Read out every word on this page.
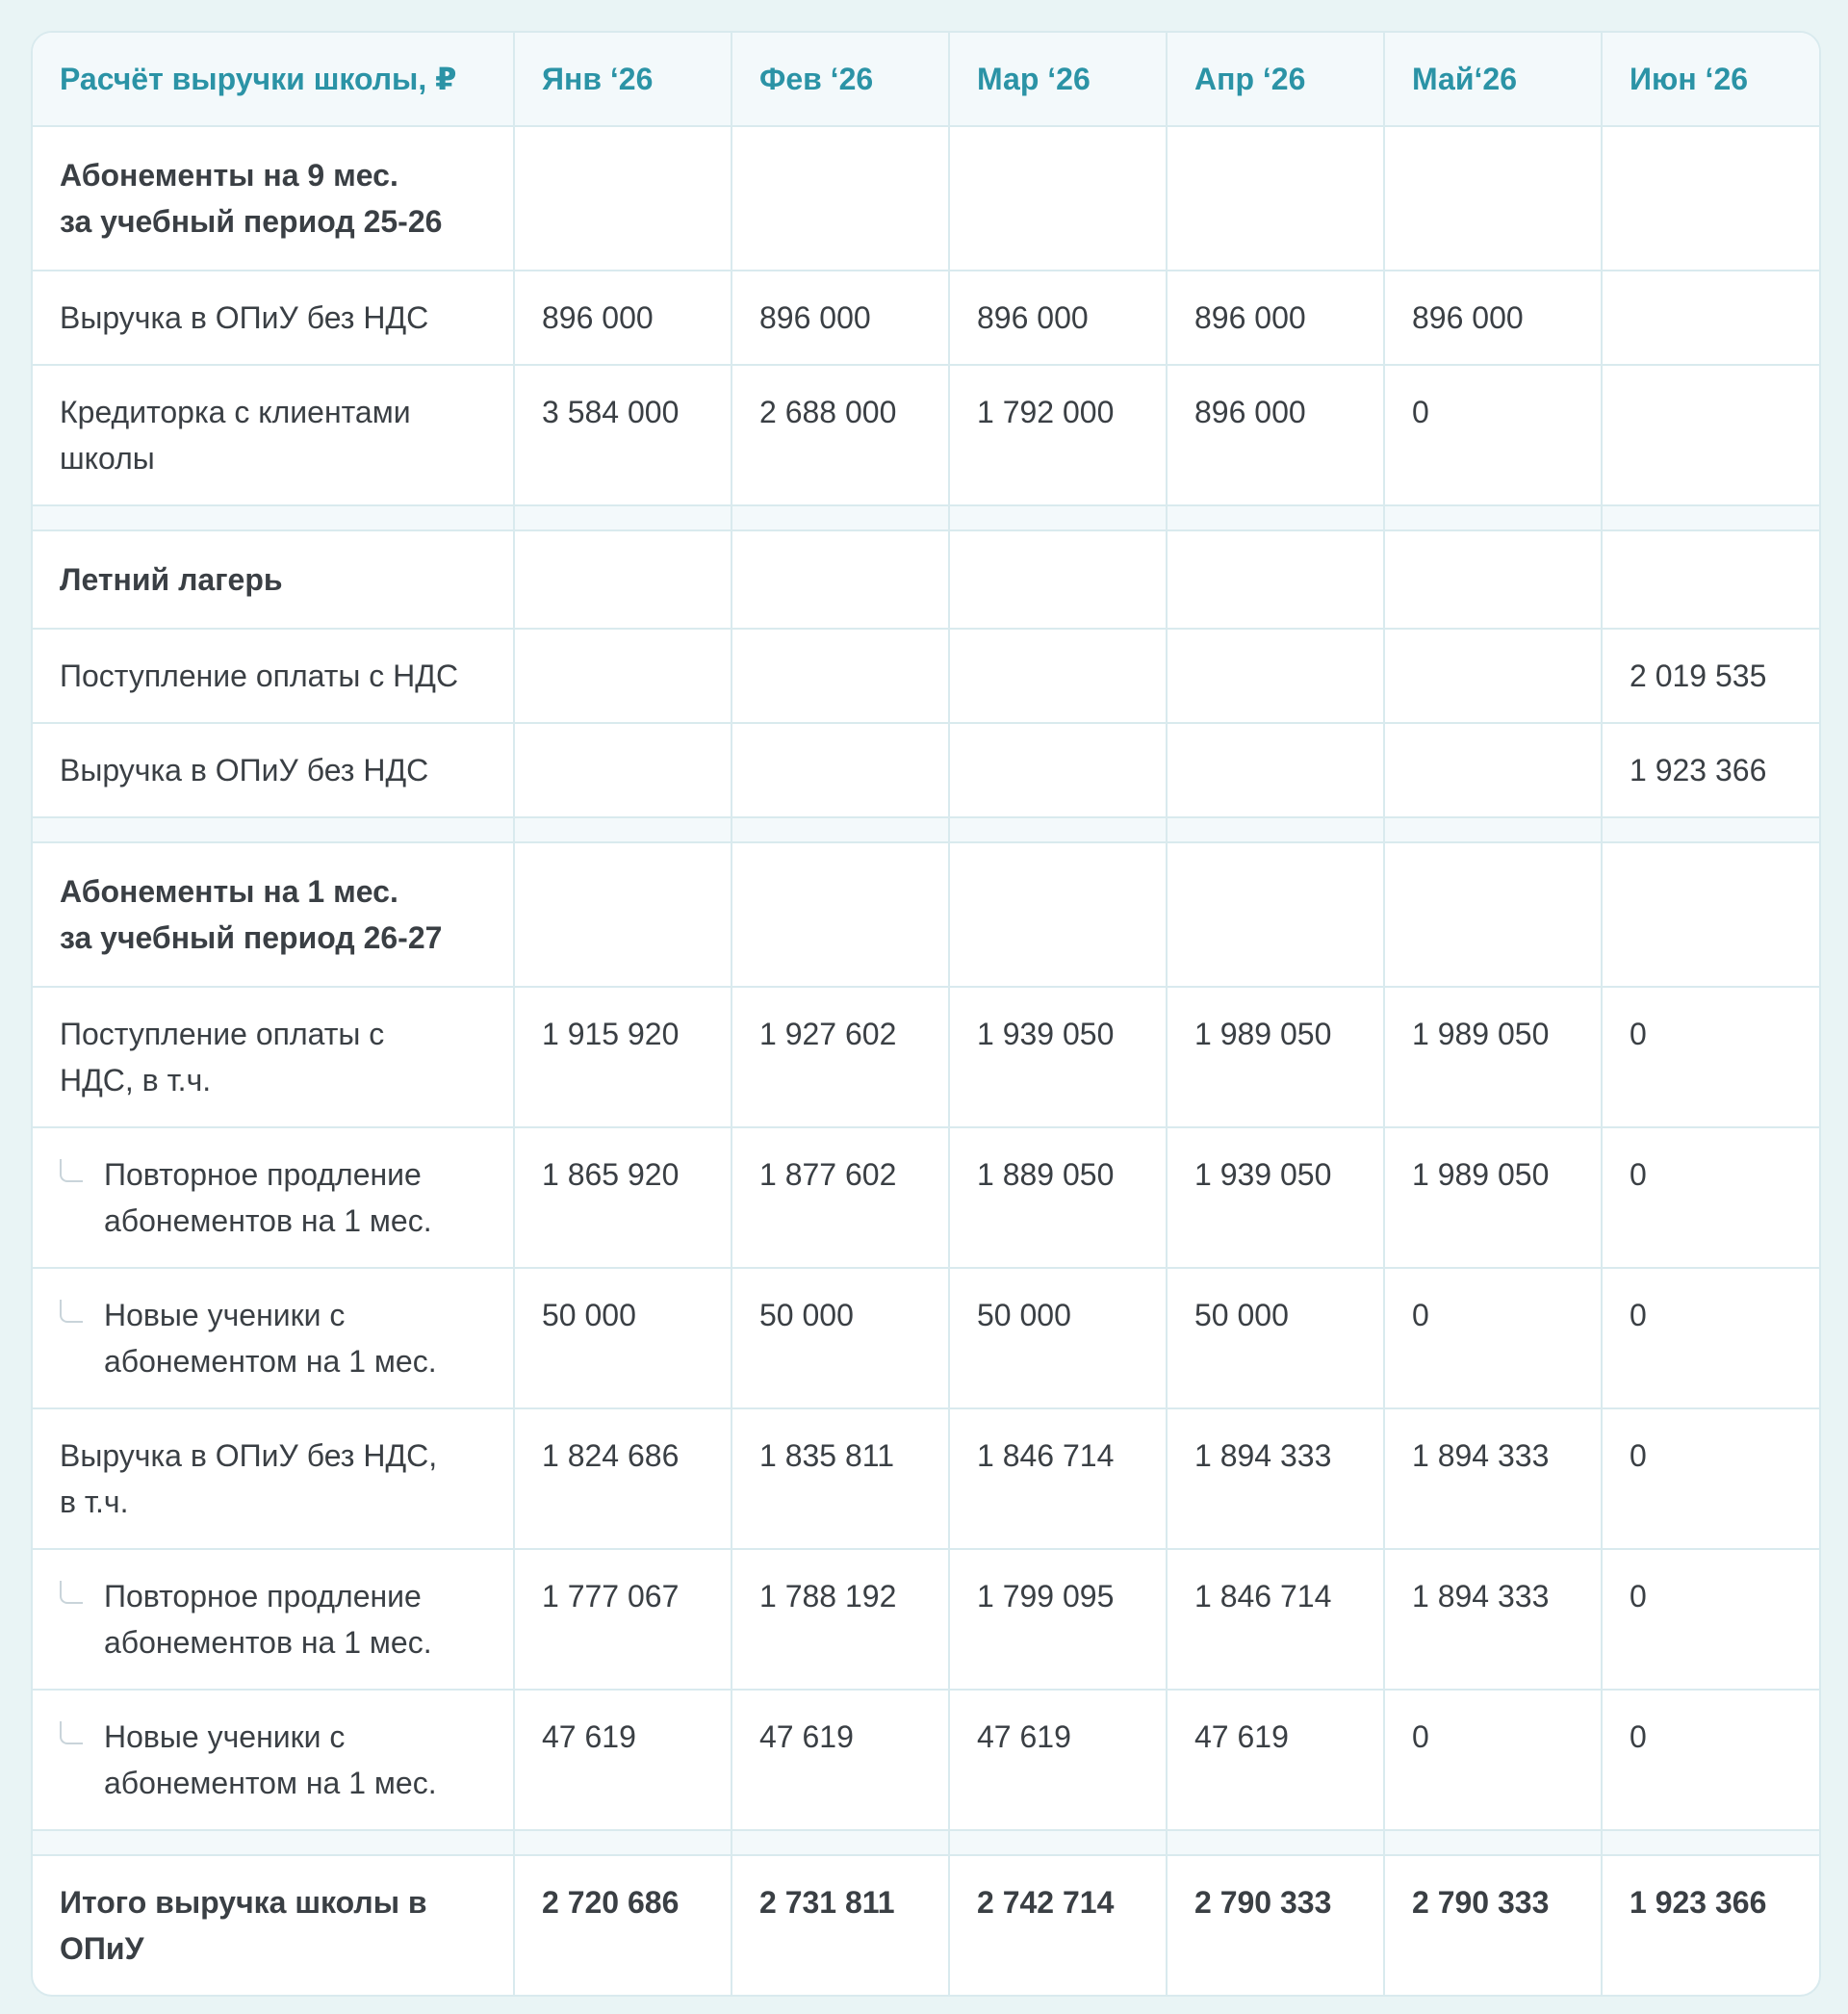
Расчёт выручки школы, ₽	Янв ‘26	Фев ‘26	Мар ‘26	Апр ‘26	Май‘26	Июн ‘26

Абонементы на 9 мес.
за учебный период 25-26						

Выручка в ОПиУ без НДС	896 000	896 000	896 000	896 000	896 000	

Кредиторка с клиентами
школы	3 584 000	2 688 000	1 792 000	896 000	0	

Летний лагерь						

Поступление оплаты с НДС						2 019 535

Выручка в ОПиУ без НДС						1 923 366

Абонементы на 1 мес.
за учебный период 26-27						

Поступление оплаты с
НДС, в т.ч.	1 915 920	1 927 602	1 939 050	1 989 050	1 989 050	0

Повторное продление
абонементов на 1 мес.	1 865 920	1 877 602	1 889 050	1 939 050	1 989 050	0

Новые ученики с
абонементом на 1 мес.	50 000	50 000	50 000	50 000	0	0

Выручка в ОПиУ без НДС,
в т.ч.	1 824 686	1 835 811	1 846 714	1 894 333	1 894 333	0

Повторное продление
абонементов на 1 мес.	1 777 067	1 788 192	1 799 095	1 846 714	1 894 333	0

Новые ученики с
абонементом на 1 мес.	47 619	47 619	47 619	47 619	0	0

Итого выручка школы в
ОПиУ	2 720 686	2 731 811	2 742 714	2 790 333	2 790 333	1 923 366
